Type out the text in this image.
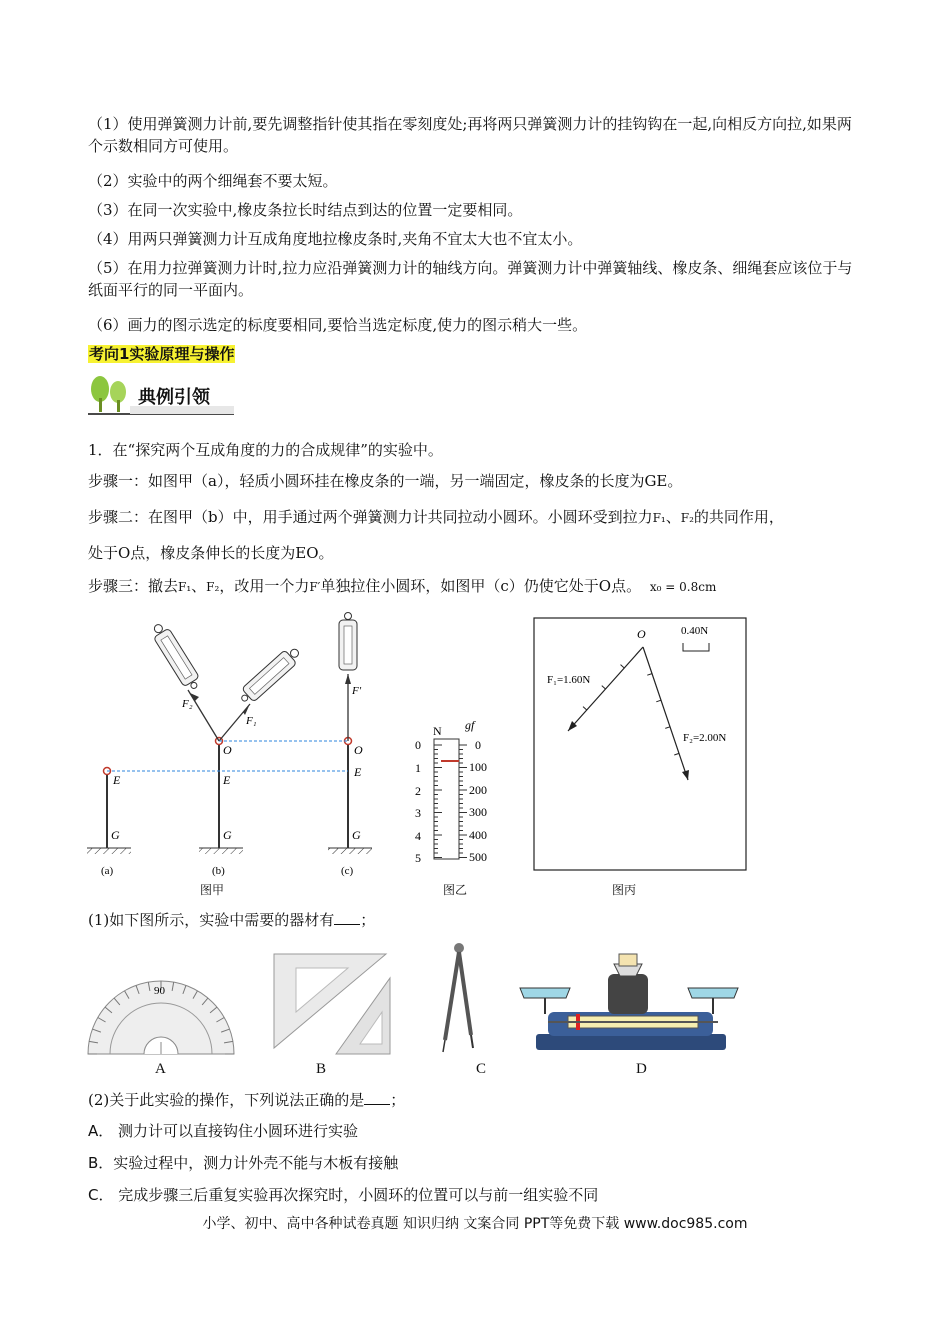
（1）使用弹簧测力计前,要先调整指针使其指在零刻度处;再将两只弹簧测力计的挂钩钩在一起,向相反方向拉,如果两个示数相同方可使用。
（2）实验中的两个细绳套不要太短。
（3）在同一次实验中,橡皮条拉长时结点到达的位置一定要相同。
（4）用两只弹簧测力计互成角度地拉橡皮条时,夹角不宜太大也不宜太小。
（5）在用力拉弹簧测力计时,拉力应沿弹簧测力计的轴线方向。弹簧测力计中弹簧轴线、橡皮条、细绳套应该位于与纸面平行的同一平面内。
（6）画力的图示选定的标度要相同,要恰当选定标度,使力的图示稍大一些。
考向1实验原理与操作
典例引领
1．在“探究两个互成角度的力的合成规律”的实验中。
步骤一：如图甲（a），轻质小圆环挂在橡皮条的一端，另一端固定，橡皮条的长度为GE。
步骤二：在图甲（b）中，用手通过两个弹簧测力计共同拉动小圆环。小圆环受到拉力F₁、F₂的共同作用，
处于O点，橡皮条伸长的长度为EO。
步骤三：撤去F₁、F₂，改用一个力F′单独拉住小圆环，如图甲（c）仍使它处于O点。 x₀ = 0.8cm
G
E
G
E
O
F₂
F₁
G
E
O
F′
(a)	(b)	(c)
图甲
N gf
0
1
2
3
4
5
0
100
200
300
400
500
图乙
O	0.40N
F₁=1.60N
F₂=2.00N
图丙
(1)如下图所示，实验中需要的器材有 ；
90
A	B	C	D
(2)关于此实验的操作，下列说法正确的是 ；
A． 测力计可以直接钩住小圆环进行实验
B．实验过程中，测力计外壳不能与木板有接触
C． 完成步骤三后重复实验再次探究时，小圆环的位置可以与前一组实验不同
小学、初中、高中各种试卷真题 知识归纳 文案合同 PPT等免费下载 www.doc985.com
